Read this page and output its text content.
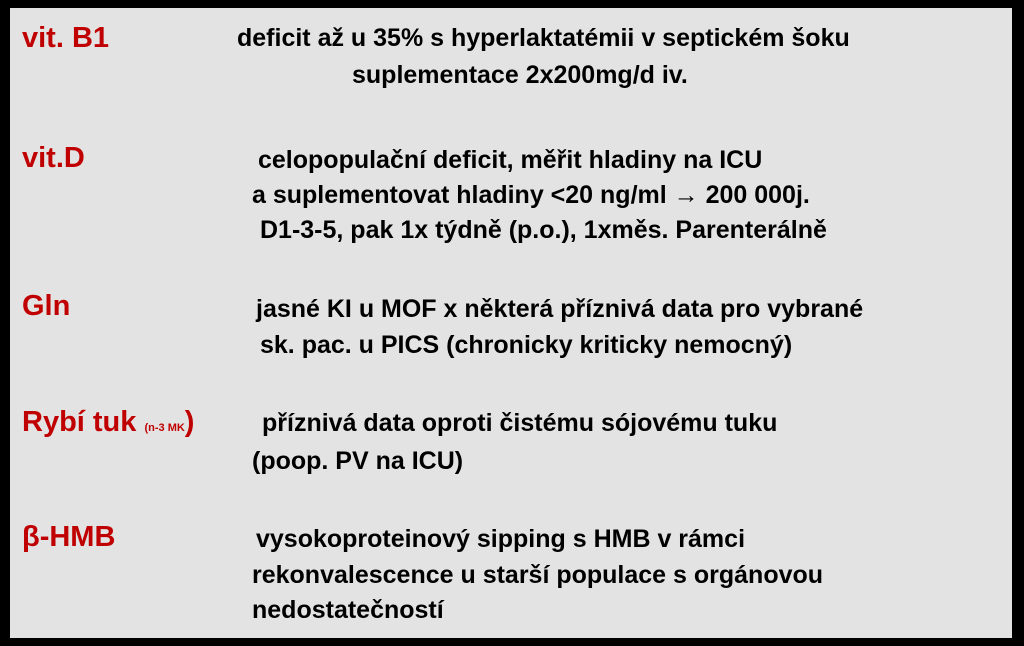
vit. B1	deficit až u 35% s hyperlaktatémii v septickém šoku
suplementace 2x200mg/d iv.
vit.D	celopopulační deficit, měřit hladiny na ICU
a suplementovat hladiny <20 ng/ml → 200 000j.
D1-3-5, pak 1x týdně (p.o.), 1xměs. Parenterálně
Gln	jasné KI u MOF x některá příznivá data pro vybrané
sk. pac. u PICS (chronicky kriticky nemocný)
Rybí tuk (n-3 MK)	příznivá data oproti čistému sójovému tuku
(poop. PV na ICU)
β-HMB	vysokoproteinový sipping s HMB v rámci
rekonvalescence u starší populace s orgánovou
nedostatečností
